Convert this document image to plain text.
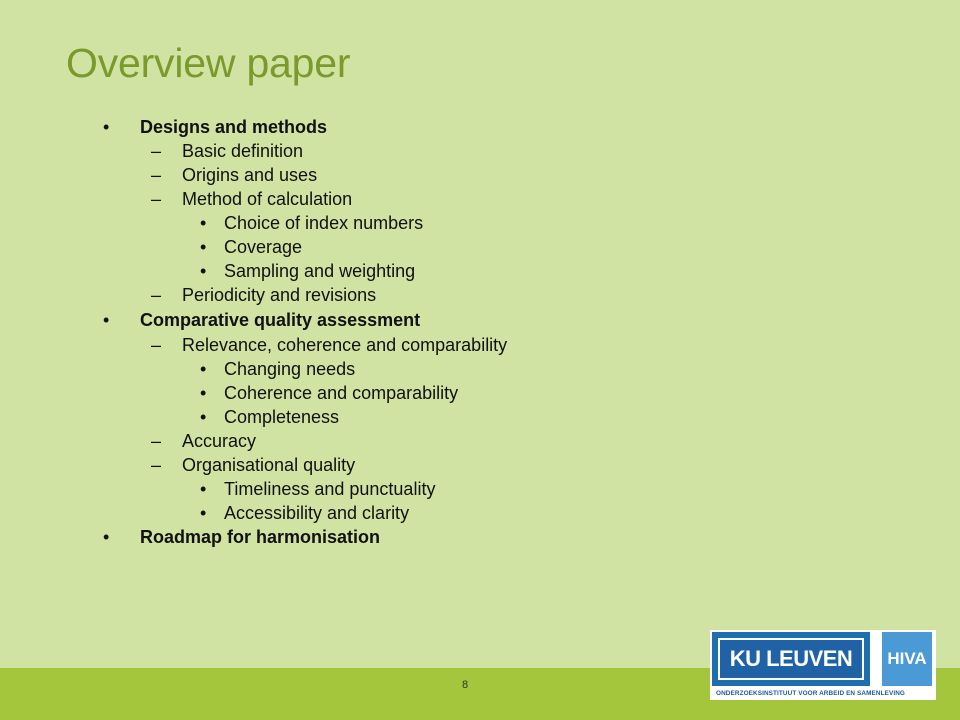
Overview paper
• Designs and methods
– Basic definition
– Origins and uses
– Method of calculation
• Choice of index numbers
• Coverage
• Sampling and weighting
– Periodicity and revisions
• Comparative quality assessment
– Relevance, coherence and comparability
• Changing needs
• Coherence and comparability
• Completeness
– Accuracy
– Organisational quality
• Timeliness and punctuality
• Accessibility and clarity
• Roadmap for harmonisation
8
KU LEUVEN	HIVA
ONDERZOEKSINSTITUUT VOOR ARBEID EN SAMENLEVING
